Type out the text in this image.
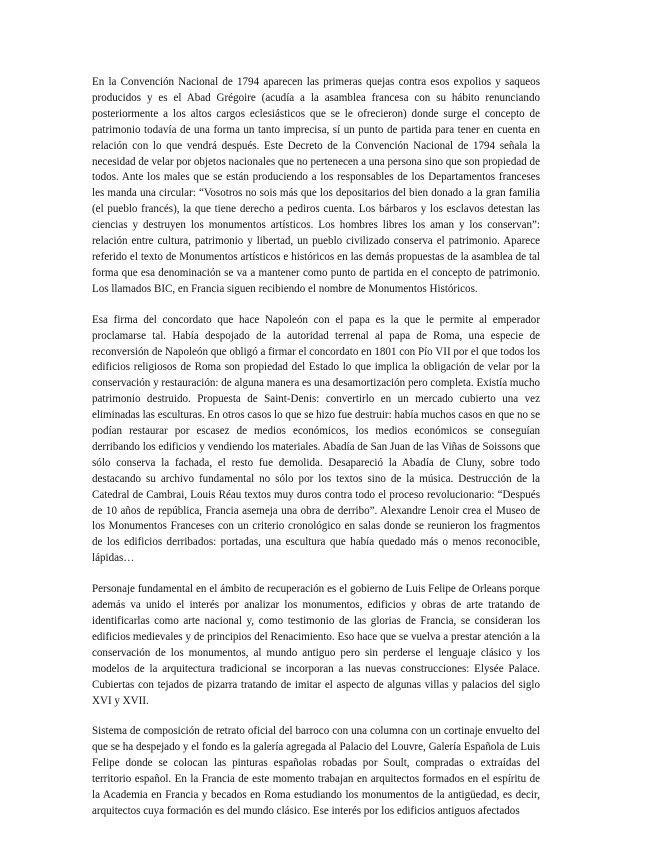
En la Convención Nacional de 1794 aparecen las primeras quejas contra esos expolios y saqueos producidos y es el Abad Grégoire (acudía a la asamblea francesa con su hábito renunciando posteriormente a los altos cargos eclesiásticos que se le ofrecieron) donde surge el concepto de patrimonio todavía de una forma un tanto imprecisa, sí un punto de partida para tener en cuenta en relación con lo que vendrá después. Este Decreto de la Convención Nacional de 1794 señala la necesidad de velar por objetos nacionales que no pertenecen a una persona sino que son propiedad de todos. Ante los males que se están produciendo a los responsables de los Departamentos franceses les manda una circular: “Vosotros no sois más que los depositarios del bien donado a la gran familia (el pueblo francés), la que tiene derecho a pediros cuenta. Los bárbaros y los esclavos detestan las ciencias y destruyen los monumentos artísticos. Los hombres libres los aman y los conservan”: relación entre cultura, patrimonio y libertad, un pueblo civilizado conserva el patrimonio. Aparece referido el texto de Monumentos artísticos e históricos en las demás propuestas de la asamblea de tal forma que esa denominación se va a mantener como punto de partida en el concepto de patrimonio. Los llamados BIC, en Francia siguen recibiendo el nombre de Monumentos Históricos.

Esa firma del concordato que hace Napoleón con el papa es la que le permite al emperador proclamarse tal. Había despojado de la autoridad terrenal al papa de Roma, una especie de reconversión de Napoleón que obligó a firmar el concordato en 1801 con Pío VII por el que todos los edificios religiosos de Roma son propiedad del Estado lo que implica la obligación de velar por la conservación y restauración: de alguna manera es una desamortización pero completa. Existía mucho patrimonio destruido. Propuesta de Saint-Denis: convertirlo en un mercado cubierto una vez eliminadas las esculturas. En otros casos lo que se hizo fue destruir: había muchos casos en que no se podían restaurar por escasez de medios económicos, los medios económicos se conseguían derribando los edificios y vendiendo los materiales. Abadía de San Juan de las Viñas de Soissons que sólo conserva la fachada, el resto fue demolida. Desapareció la Abadía de Cluny, sobre todo destacando su archivo fundamental no sólo por los textos sino de la música. Destrucción de la Catedral de Cambrai, Louis Réau textos muy duros contra todo el proceso revolucionario: “Después de 10 años de república, Francia asemeja una obra de derribo”. Alexandre Lenoir crea el Museo de los Monumentos Franceses con un criterio cronológico en salas donde se reunieron los fragmentos de los edificios derribados: portadas, una escultura que había quedado más o menos reconocible, lápidas…

Personaje fundamental en el ámbito de recuperación es el gobierno de Luis Felipe de Orleans porque además va unido el interés por analizar los monumentos, edificios y obras de arte tratando de identificarlas como arte nacional y, como testimonio de las glorias de Francia, se consideran los edificios medievales y de principios del Renacimiento. Eso hace que se vuelva a prestar atención a la conservación de los monumentos, al mundo antiguo pero sin perderse el lenguaje clásico y los modelos de la arquitectura tradicional se incorporan a las nuevas construcciones: Elysée Palace. Cubiertas con tejados de pizarra tratando de imitar el aspecto de algunas villas y palacios del siglo XVI y XVII.

Sistema de composición de retrato oficial del barroco con una columna con un cortinaje envuelto del que se ha despejado y el fondo es la galería agregada al Palacio del Louvre, Galería Española de Luis Felipe donde se colocan las pinturas españolas robadas por Soult, compradas o extraídas del territorio español. En la Francia de este momento trabajan en arquitectos formados en el espíritu de la Academia en Francia y becados en Roma estudiando los monumentos de la antigüedad, es decir, arquitectos cuya formación es del mundo clásico. Ese interés por los edificios antiguos afectados
